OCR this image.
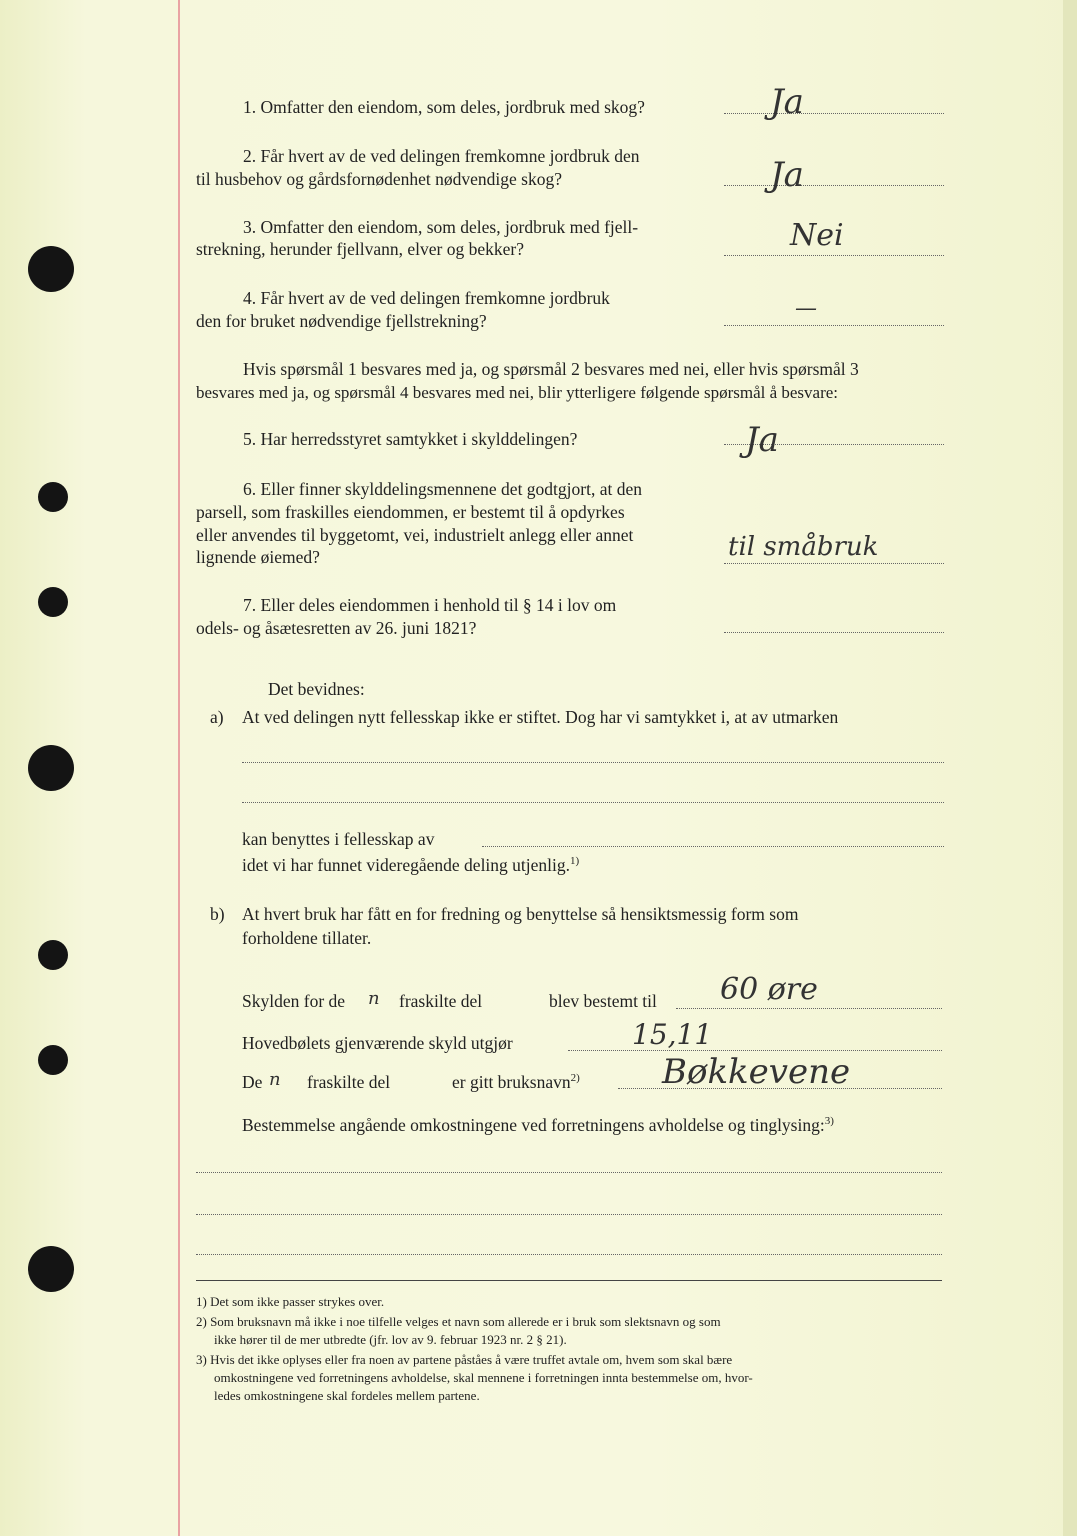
1. Omfatter den eiendom, som deles, jordbruk med skog?	Ja
2. Får hvert av de ved delingen fremkomne jordbruk den
til husbehov og gårdsfornødenhet nødvendige skog?	Ja
3. Omfatter den eiendom, som deles, jordbruk med fjell-
strekning, herunder fjellvann, elver og bekker?	Nei
4. Får hvert av de ved delingen fremkomne jordbruk
den for bruket nødvendige fjellstrekning?	—
Hvis spørsmål 1 besvares med ja, og spørsmål 2 besvares med nei, eller hvis spørsmål 3
besvares med ja, og spørsmål 4 besvares med nei, blir ytterligere følgende spørsmål å besvare:
5. Har herredsstyret samtykket i skylddelingen?	Ja
6. Eller finner skylddelingsmennene det godtgjort, at den
parsell, som fraskilles eiendommen, er bestemt til å opdyrkes
eller anvendes til byggetomt, vei, industrielt anlegg eller annet
lignende øiemed?	til småbruk
7. Eller deles eiendommen i henhold til § 14 i lov om
odels- og åsætesretten av 26. juni 1821?
Det bevidnes:
a) At ved delingen nytt fellesskap ikke er stiftet. Dog har vi samtykket i, at av utmarken
kan benyttes i fellesskap av
idet vi har funnet videregående deling utjenlig.$^{1)}$
b) At hvert bruk har fått en for fredning og benyttelse så hensiktsmessig form som
forholdene tillater.
Skylden for de n fraskilte del	blev bestemt til 60 øre
Hovedbølets gjenværende skyld utgjør	15,11
De n fraskilte del	er gitt bruksnavn$^{2)}$ Bøkkevene
Bestemmelse angående omkostningene ved forretningens avholdelse og tinglysing:$^{3)}$
1) Det som ikke passer strykes over.
2) Som bruksnavn må ikke i noe tilfelle velges et navn som allerede er i bruk som slektsnavn og som
ikke hører til de mer utbredte (jfr. lov av 9. februar 1923 nr. 2 § 21).
3) Hvis det ikke oplyses eller fra noen av partene påståes å være truffet avtale om, hvem som skal bære
omkostningene ved forretningens avholdelse, skal mennene i forretningen innta bestemmelse om, hvor-
ledes omkostningene skal fordeles mellem partene.
